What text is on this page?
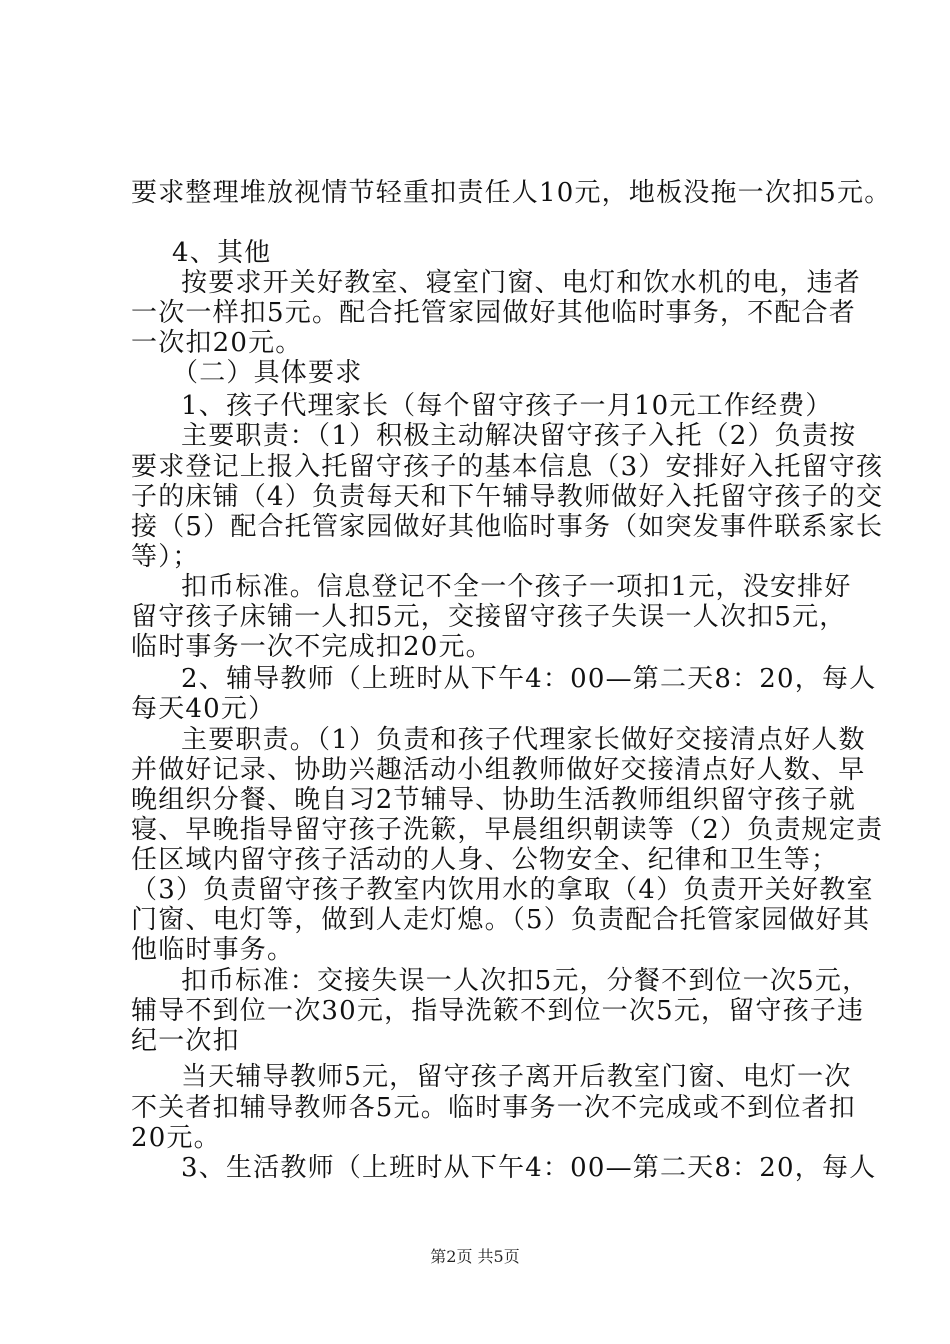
要求整理堆放视情节轻重扣责任人10元，地板没拖一次扣5元。
4、其他
按要求开关好教室、寝室门窗、电灯和饮水机的电，违者
一次一样扣5元。配合托管家园做好其他临时事务，不配合者
一次扣20元。
（二）具体要求
1、孩子代理家长（每个留守孩子一月10元工作经费）
主要职责：（1）积极主动解决留守孩子入托（2）负责按
要求登记上报入托留守孩子的基本信息（3）安排好入托留守孩
子的床铺（4）负责每天和下午辅导教师做好入托留守孩子的交
接（5）配合托管家园做好其他临时事务（如突发事件联系家长
等）；
扣币标准。信息登记不全一个孩子一项扣1元，没安排好
留守孩子床铺一人扣5元，交接留守孩子失误一人次扣5元，
临时事务一次不完成扣20元。
2、辅导教师（上班时从下午4：00—第二天8：20，每人
每天40元）
主要职责。（1）负责和孩子代理家长做好交接清点好人数
并做好记录、协助兴趣活动小组教师做好交接清点好人数、早
晚组织分餐、晚自习2节辅导、协助生活教师组织留守孩子就
寝、早晚指导留守孩子洗簌，早晨组织朝读等（2）负责规定责
任区域内留守孩子活动的人身、公物安全、纪律和卫生等；
（3）负责留守孩子教室内饮用水的拿取（4）负责开关好教室
门窗、电灯等，做到人走灯熄。（5）负责配合托管家园做好其
他临时事务。
扣币标准：交接失误一人次扣5元，分餐不到位一次5元，
辅导不到位一次30元，指导洗簌不到位一次5元，留守孩子违
纪一次扣
当天辅导教师5元，留守孩子离开后教室门窗、电灯一次
不关者扣辅导教师各5元。临时事务一次不完成或不到位者扣
20元。
3、生活教师（上班时从下午4：00—第二天8：20，每人
第2页 共5页
